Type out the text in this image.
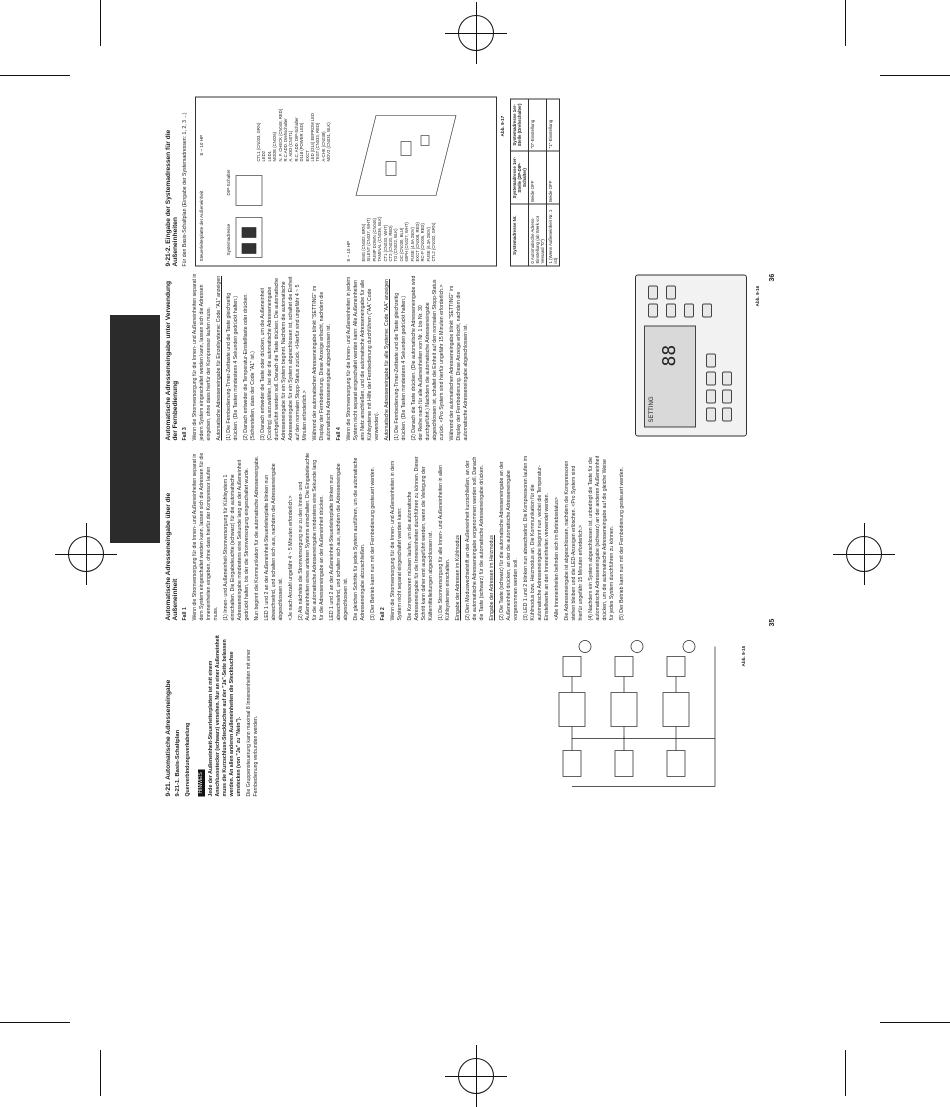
9-21. Automatische Adresseneingabe 9-21-1. Basis-Schaltplan Querverbindungsverkabelung HINWEIS Jede der Außeneinheit-Steuerleiterplatten ist mit einem Anschlussstecker (schwarz) versehen. Nur an einer Außeneinheit muss die Kurzschluss-Steckbuchse auf der "Ja"-Seite belassen werden. An allen anderen Außeneinheiten die Steckbuchse umstecken (von "Ja" zu "Nein"). Die Gruppensteuerung kann maximal 8 Inneneinheiten mit einer Fernbedienung verbunden werden.

Abb. 9-15

Automatische Adresseneingabe über die Außeneinheit Fall 1 Wenn die Stromversorgung für die Innen- und Außeneinheiten separat in dem System eingeschaltet werden kann, lassen sich die Adressen für die Inneneinheiten eingeben, ohne dass hierfür der Kompressor laufen muss. (1) Innen- und Außeneinheit-Stromversorgung für Kühlsystem 1 einschalten. Die Eingabeleuchte (schwarz) für die automatische Adresseneingabe mindestens eine Sekunde lang an der Außeneinheit gedrückt halten, bis der die Stromversorgung eingeschaltet wurde. Nun beginnt die Kommunikation für die automatische Adresseneingabe. LED 1 und 2 an der Außeneinheit-Steuerleiterplatte blinken nun abwechselnd, und schalten sich aus, nachdem die Adresseneingabe abgeschlossen ist. <Je nach Anzahl ungefähr 4 ~ 5 Minuten erforderlich.> (2) Als nächstes die Stromversorgung nur zu den Innen- und Außeneinheiten eines anderen Systems einschalten. Die Eingabeleuchte für die automatische Adresseneingabe mindestens eine Sekunde lang für die Adresseneingabe an der Außeneinheit drücken. LED 1 und 2 an der Außeneinheit-Steuerleiterplatte blinken nun abwechselnd, und schalten sich aus, nachdem die Adresseneingabe abgeschlossen ist. Die gleichen Schritte für jedes System ausführen, um die automatische Adresseneingabe abzuschließen. (3) Der Betrieb kann nun mit der Fernbedienung gesteuert werden. Fall 2 Wenn die Stromversorgung für die Innen- und Außeneinheiten in dem System nicht separat eingeschaltet werden kann: Die Kompressoren müssen laufen, um die automatische Adresseneingabe für die Inneneinheiten durchführen zu können. Dieser Schritt kann daher erst ausgeführt werden, wenn die Verlegung der Kältemittelleitungen abgeschlossen ist. (1) Die Stromversorgung für alle Innen- und Außeneinheiten in allen Kühlsystemen einschalten. Eingabe der Adressen im Kühlmodus (2) Den Moduswechselstift an der Außeneinheit kurzschließen, an der die automatische Adresseneingabe vorgenommen werden soll. Danach die Taste (schwarz) für die automatische Adresseneingabe drücken. Eingabe der Adressen im Heizmodus (2) Die Taste (schwarz) für die automatische Adresseneingabe an der Außeneinheit drücken, an der die automatische Adresseneingabe vorgenommen werden soll. (3) LED 1 und 2 blinken nun abwechselnd. Die Kompressoren laufen im Kühlmodus bzw. Heizmodus an. Die Kommunikation für die automatische Adresseneingabe beginnt nun, wobei die Temperatur-Einstellwerte an den Inneneinheiten verwendet werden. <Alle Inneneinheiten befinden sich im Betriebsstatus> Die Adresseneingabe ist abgeschlossen, nachdem die Kompressoren stehen bleiben und die LED-Anzeigen erlöschen. <Pro System sind hierfür ungefähr 15 Minuten erforderlich.> (4) Nachdem ein System abgeschlossen ist, unbedingt die Taste für die automatische Adresseneingabe (schwarz) an der anderen Außeneinheit drücken, um die automatische Adresseneingabe auf die gleiche Weise für jedes System durchführen zu können. (5) Der Betrieb kann nun mit der Fernbedienung gesteuert werden.

35

Automatische Adresseneingabe unter Verwendung der Fernbedienung Fall 3 Wenn die Stromversorgung für die Innen- und Außeneinheiten separat in jedem System eingeschaltet werden kann, lassen sich die Adressen eingeben, ohne dass hierfür der Kompressor laufen muss. Automatische Adresseneingabe für Einzelsysteme: Code "A1" anzeigen (1) Die Fernbedienung-Timer-Zeittaste und die Taste gleichzeitig drücken. (Die Tasten mindestens 4 Sekunden gedrückt halten.) (2) Danach entweder die Temperatur-Einstelltaste oder drücken. (Sicherstellen, dass der Code "A1" ist.) (3) Danach entweder die Taste oder drücken, um die Außeneinheit (Cooling) auszuwählen, bei der die automatische Adresseneingabe durchgeführt werden soll. Danach die Taste drücken. Die automatische Adresseneingabe für ein System beginnt. Nachdem die automatische Adresseneingabe für ein System abgeschlossen ist, schaltet die Einheit auf den normalen Stopp-Status zurück. <Hierfür sind ungefähr 4 ~ 5 Minuten erforderlich.> Während der automatischen Adresseneingabe blinkt "SETTING" im Display der Fernbedienung. Diese Anzeige erlischt, nachdem die automatische Adresseneingabe abgeschlossen ist. Fall 4 Wenn die Stromversorgung für die Innen- und Außeneinheiten in jedem System nicht separat eingeschaltet werden kann: Alle Außeneinheiten ans Netz anschließen, und die automatische Adresseneingabe für alle Kühlsysteme mit Hilfe der Fernbedienung durchführen ("AA" Code verwenden). Automatische Adresseneingabe für alle Systeme: Code "AA" anzeigen (1) Die Fernbedienung-Timer-Zeittaste und die Taste gleichzeitig drücken. (Die Tasten mindestens 4 Sekunden gedrückt halten.) (2) Danach die Taste drücken. (Die automatische Adresseneingabe wird der Reihe nach für alle Außeneinheiten von Nr. 1 bis Nr. 30 durchgeführt.) Nachdem die automatische Adresseneingabe abgeschlossen ist, schaltet die Einheit auf den normalen Stopp-Status zurück. <Pro System sind hierfür ungefähr 15 Minuten erforderlich.> Während der automatischen Adresseneingabe blinkt "SETTING" im Display der Fernbedienung. Diese Anzeige erlischt, nachdem die automatische Adresseneingabe abgeschlossen ist.	SETTING
88
Abb. 9-16
36

9-21-2. Eingabe der Systemadressen für die Außeneinheiten Für den Basis-Schaltplan (Eingabe der Systemadressen: 1, 2, 3 ...) Steuerleiterplatte der Außeneinheit
8 ~ 10 HP
8 ~ 10 HP
DIP-Schalter
Systemadresse	EMG (CN002, BRN) SILENT (CN037, WHT) PUMP DOWN (CN046) TAMINAL (CN036, BLK) CT1 (CN033, WHT) CT2 (CN020, RED) TO (CN022, BLK) OC (CN030, BLU) 60PH (CN027, WHT) FUSE (4.5A 250V) EXCT (CN008, RED) RC-P (CN006, RED) FUSE (6.3A 250V) CTL2 (CN032, GRN)
CTL1 (CN033, GRN) LED2 LED1 MODE (CN026) N. F. CHECK (CN048, RED) R.C.ADD. Drehschalter A. ADD (CN071) R.C. ADD. DIP-Schalter D118 (POWER LED) EXCT LED (D14) EEPROM LED TEST (CN033, RED) A-CHK (CN038) MOV2 (CN031, BLK)
Systemadresse Nr.	Systemadresse 1er-Stelle (2P-DIP-Schalter)	Systemadresse 1er-Stelle (Drehschalter)
0 Automatische Adress-Einstellung (ab Werk vor Versand "0")	Beide OFF	"0"-Einstellung
1 (Wenn Außeneinheit Nr. 1 ist)	Beide OFF	"1"-Einstellung
Abb. 9-17
